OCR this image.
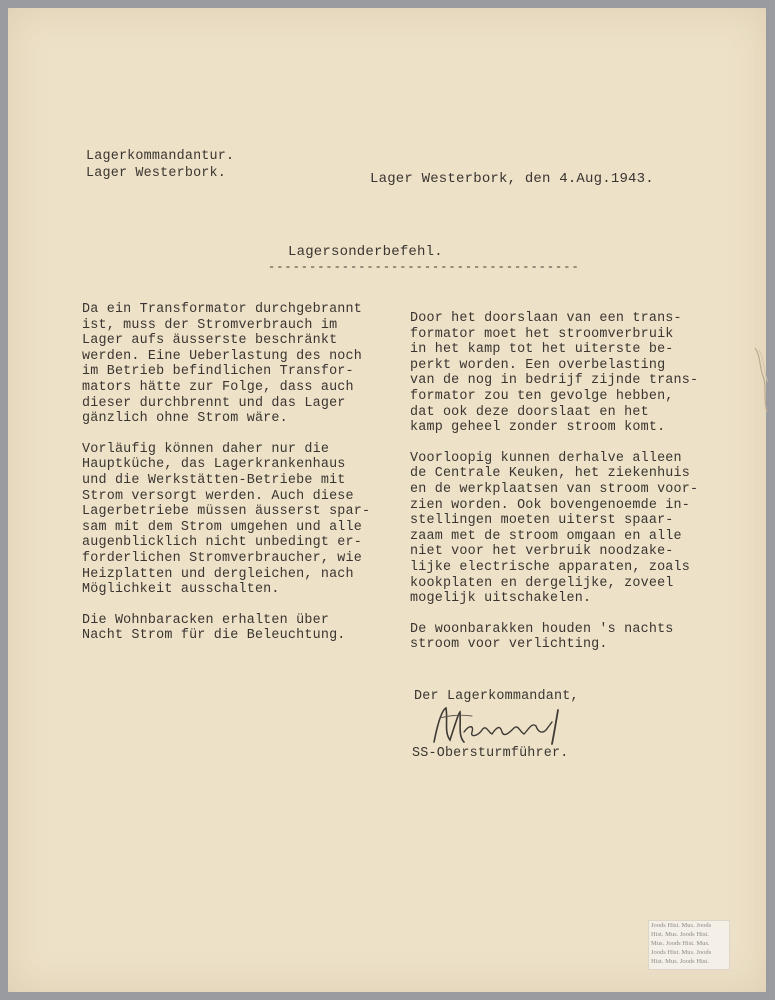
Lagerkommandantur.
Lager Westerbork.	Lager Westerbork, den 4.Aug.1943.
Lagersonderbefehl.
--------------------------------------
Da ein Transformator durchgebrannt
ist, muss der Stromverbrauch im
Lager aufs äusserste beschränkt
werden. Eine Ueberlastung des noch
im Betrieb befindlichen Transfor-
mators hätte zur Folge, dass auch
dieser durchbrennt und das Lager
gänzlich ohne Strom wäre.
Vorläufig können daher nur die
Hauptküche, das Lagerkrankenhaus
und die Werkstätten-Betriebe mit
Strom versorgt werden. Auch diese
Lagerbetriebe müssen äusserst spar-
sam mit dem Strom umgehen und alle
augenblicklich nicht unbedingt er-
forderlichen Stromverbraucher, wie
Heizplatten und dergleichen, nach
Möglichkeit ausschalten.
Die Wohnbaracken erhalten über
Nacht Strom für die Beleuchtung.
Door het doorslaan van een trans-
formator moet het stroomverbruik
in het kamp tot het uiterste be-
perkt worden. Een overbelasting
van de nog in bedrijf zijnde trans-
formator zou ten gevolge hebben,
dat ook deze doorslaat en het
kamp geheel zonder stroom komt.
Voorloopig kunnen derhalve alleen
de Centrale Keuken, het ziekenhuis
en de werkplaatsen van stroom voor-
zien worden. Ook bovengenoemde in-
stellingen moeten uiterst spaar-
zaam met de stroom omgaan en alle
niet voor het verbruik noodzake-
lijke electrische apparaten, zoals
kookplaten en dergelijke, zoveel
mogelijk uitschakelen.
De woonbarakken houden 's nachts
stroom voor verlichting.
Der Lagerkommandant,
SS-Obersturmführer.
Joods Hist. Mus. Joods
Hist. Mus. Joods Hist.
Mus. Joods Hist. Mus.
Joods Hist. Mus. Joods
Hist. Mus. Joods Hist.
